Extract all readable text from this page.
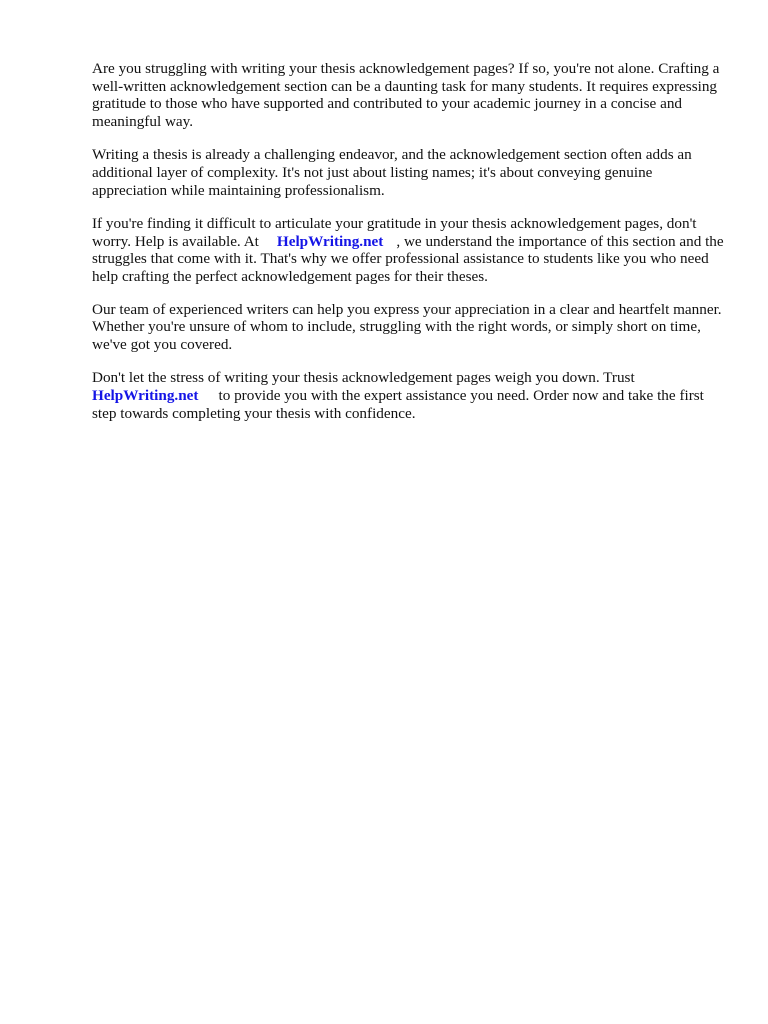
Are you struggling with writing your thesis acknowledgement pages? If so, you're not alone. Crafting a well-written acknowledgement section can be a daunting task for many students. It requires expressing gratitude to those who have supported and contributed to your academic journey in a concise and meaningful way.

Writing a thesis is already a challenging endeavor, and the acknowledgement section often adds an additional layer of complexity. It's not just about listing names; it's about conveying genuine appreciation while maintaining professionalism.

If you're finding it difficult to articulate your gratitude in your thesis acknowledgement pages, don't worry. Help is available. At HelpWriting.net , we understand the importance of this section and the struggles that come with it. That's why we offer professional assistance to students like you who need help crafting the perfect acknowledgement pages for their theses.

Our team of experienced writers can help you express your appreciation in a clear and heartfelt manner. Whether you're unsure of whom to include, struggling with the right words, or simply short on time, we've got you covered.

Don't let the stress of writing your thesis acknowledgement pages weigh you down. Trust HelpWriting.net to provide you with the expert assistance you need. Order now and take the first step towards completing your thesis with confidence.
